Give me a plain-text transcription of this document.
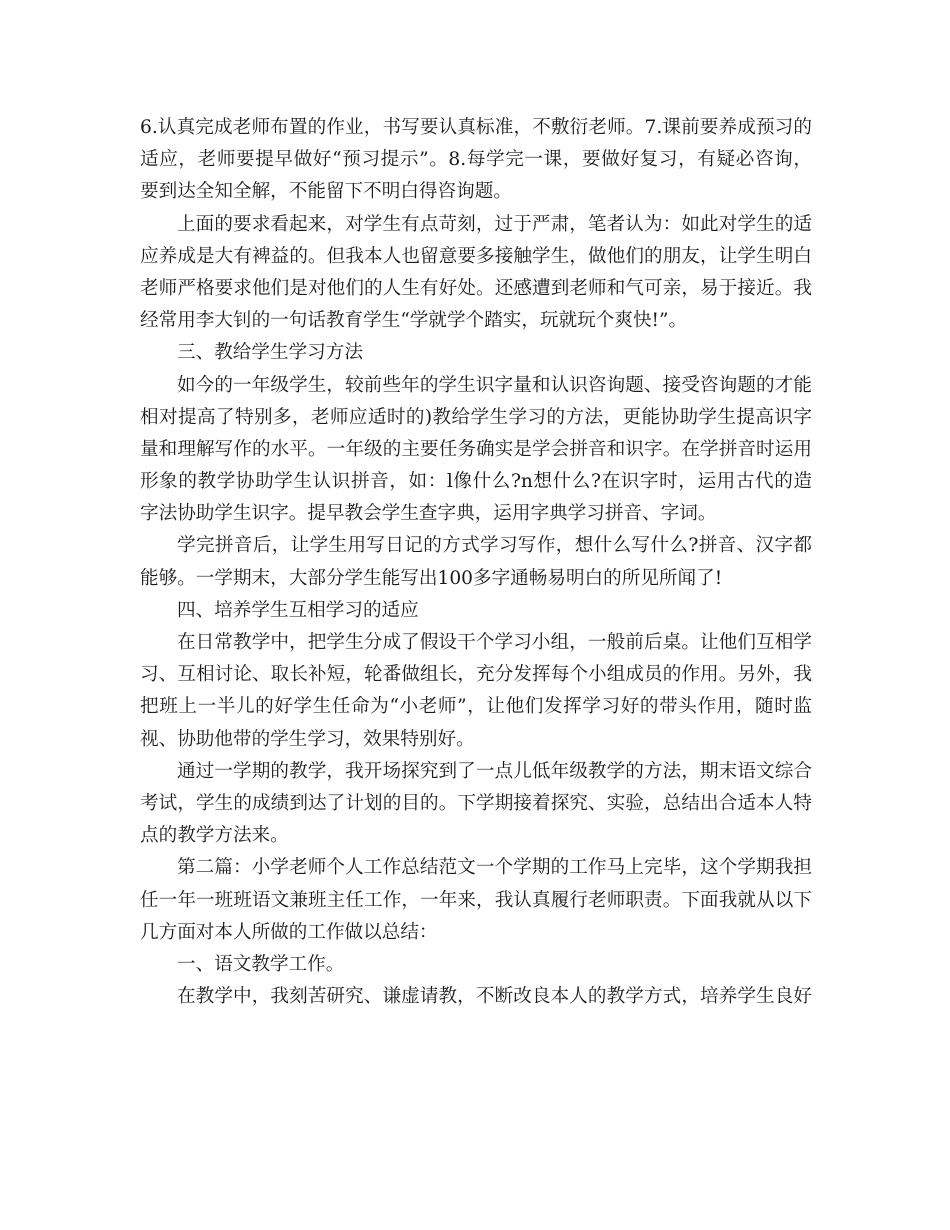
6.认真完成老师布置的作业，书写要认真标准，不敷衍老师。7.课前要养成预习的
适应，老师要提早做好“预习提示”。8.每学完一课，要做好复习，有疑必咨询，
要到达全知全解，不能留下不明白得咨询题。
上面的要求看起来，对学生有点苛刻，过于严肃，笔者认为：如此对学生的适
应养成是大有裨益的。但我本人也留意要多接触学生，做他们的朋友，让学生明白
老师严格要求他们是对他们的人生有好处。还感遭到老师和气可亲，易于接近。我
经常用李大钊的一句话教育学生“学就学个踏实，玩就玩个爽快!”。
三、教给学生学习方法
如今的一年级学生，较前些年的学生识字量和认识咨询题、接受咨询题的才能
相对提高了特别多，老师应适时的)教给学生学习的方法，更能协助学生提高识字
量和理解写作的水平。一年级的主要任务确实是学会拼音和识字。在学拼音时运用
形象的教学协助学生认识拼音，如：l像什么?n想什么?在识字时，运用古代的造
字法协助学生识字。提早教会学生查字典，运用字典学习拼音、字词。
学完拼音后，让学生用写日记的方式学习写作，想什么写什么?拼音、汉字都
能够。一学期末，大部分学生能写出100多字通畅易明白的所见所闻了!
四、培养学生互相学习的适应
在日常教学中，把学生分成了假设干个学习小组，一般前后桌。让他们互相学
习、互相讨论、取长补短，轮番做组长，充分发挥每个小组成员的作用。另外，我
把班上一半儿的好学生任命为“小老师”，让他们发挥学习好的带头作用，随时监
视、协助他带的学生学习，效果特别好。
通过一学期的教学，我开场探究到了一点儿低年级教学的方法，期末语文综合
考试，学生的成绩到达了计划的目的。下学期接着探究、实验，总结出合适本人特
点的教学方法来。
第二篇：小学老师个人工作总结范文一个学期的工作马上完毕，这个学期我担
任一年一班班语文兼班主任工作，一年来，我认真履行老师职责。下面我就从以下
几方面对本人所做的工作做以总结：
一、语文教学工作。
在教学中，我刻苦研究、谦虚请教，不断改良本人的教学方式，培养学生良好
